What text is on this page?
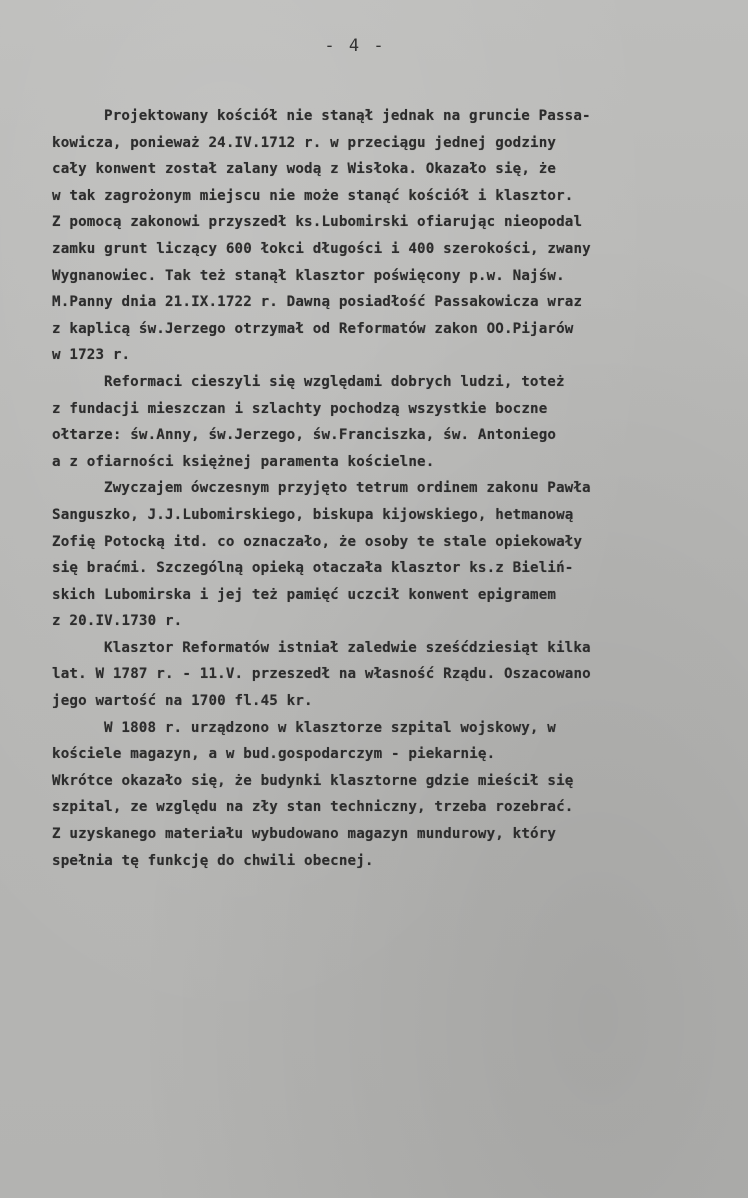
- 4 -
Projektowany kościół nie stanął jednak na gruncie Passa-
kowicza, ponieważ 24.IV.1712 r. w przeciągu jednej godziny
cały konwent został zalany wodą z Wisłoka. Okazało się, że
w tak zagrożonym miejscu nie może stanąć kościół i klasztor.
Z pomocą zakonowi przyszedł ks.Lubomirski ofiarując nieopodal
zamku grunt liczący 600 łokci długości i 400 szerokości, zwany
Wygnanowiec. Tak też stanął klasztor poświęcony p.w. Najśw.
M.Panny dnia 21.IX.1722 r. Dawną posiadłość Passakowicza wraz
z kaplicą św.Jerzego otrzymał od Reformatów zakon OO.Pijarów
w 1723 r.
Reformaci cieszyli się względami dobrych ludzi, toteż
z fundacji mieszczan i szlachty pochodzą wszystkie boczne
ołtarze: św.Anny, św.Jerzego, św.Franciszka, św. Antoniego
a z ofiarności księżnej paramenta kościelne.
Zwyczajem ówczesnym przyjęto tetrum ordinem zakonu Pawła
Sanguszko, J.J.Lubomirskiego, biskupa kijowskiego, hetmanową
Zofię Potocką itd. co oznaczało, że osoby te stale opiekowały
się braćmi. Szczególną opieką otaczała klasztor ks.z Bieliń-
skich Lubomirska i jej też pamięć uczcił konwent epigramem
z 20.IV.1730 r.
Klasztor Reformatów istniał zaledwie sześćdziesiąt kilka
lat. W 1787 r. - 11.V. przeszedł na własność Rządu. Oszacowano
jego wartość na 1700 fl.45 kr.
W 1808 r. urządzono w klasztorze szpital wojskowy, w
kościele magazyn, a w bud.gospodarczym - piekarnię.
Wkrótce okazało się, że budynki klasztorne gdzie mieścił się
szpital, ze względu na zły stan techniczny, trzeba rozebrać.
Z uzyskanego materiału wybudowano magazyn mundurowy, który
spełnia tę funkcję do chwili obecnej.
